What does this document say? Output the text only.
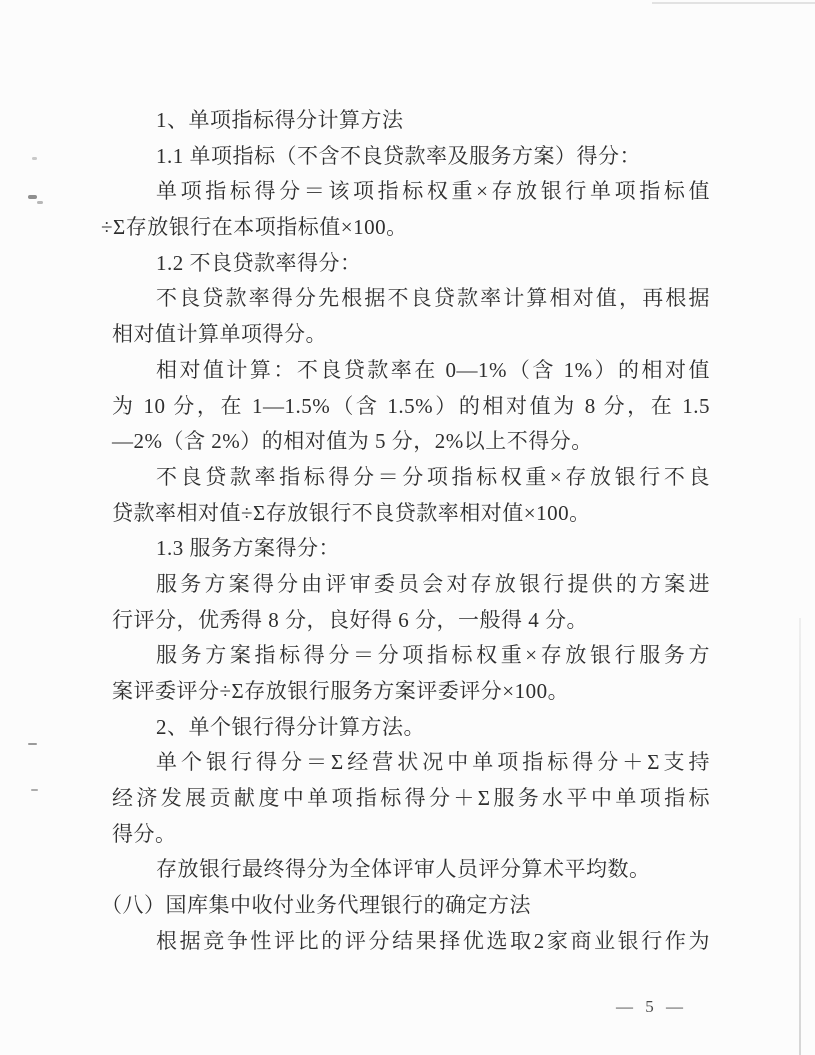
1、单项指标得分计算方法
1.1 单项指标（不含不良贷款率及服务方案）得分：
单项指标得分＝该项指标权重×存放银行单项指标值
÷Σ存放银行在本项指标值×100。
1.2 不良贷款率得分：
不良贷款率得分先根据不良贷款率计算相对值，再根据
相对值计算单项得分。
相对值计算：不良贷款率在 0—1%（含 1%）的相对值
为 10 分，在 1—1.5%（含 1.5%）的相对值为 8 分，在 1.5
—2%（含 2%）的相对值为 5 分，2%以上不得分。
不良贷款率指标得分＝分项指标权重×存放银行不良
贷款率相对值÷Σ存放银行不良贷款率相对值×100。
1.3 服务方案得分：
服务方案得分由评审委员会对存放银行提供的方案进
行评分，优秀得 8 分，良好得 6 分，一般得 4 分。
服务方案指标得分＝分项指标权重×存放银行服务方
案评委评分÷Σ存放银行服务方案评委评分×100。
2、单个银行得分计算方法。
单个银行得分＝Σ经营状况中单项指标得分＋Σ支持
经济发展贡献度中单项指标得分＋Σ服务水平中单项指标
得分。
存放银行最终得分为全体评审人员评分算术平均数。
（八）国库集中收付业务代理银行的确定方法
根据竞争性评比的评分结果择优选取2家商业银行作为
— 5 —
